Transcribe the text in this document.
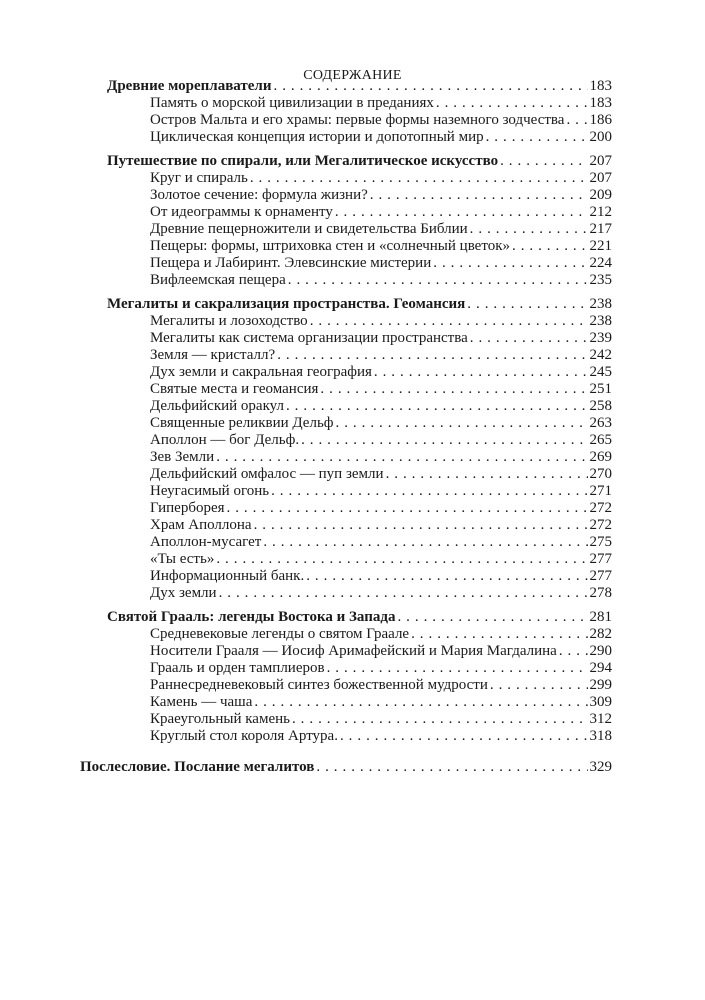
СОДЕРЖАНИЕ
Древние мореплаватели . . .	183
Память о морской цивилизации в преданиях . . .	183
Остров Мальта и его храмы: первые формы наземного зодчества . . . 186
Циклическая концепция истории и допотопный мир . . .	200
Путешествие по спирали, или Мегалитическое искусство . . .	207
Круг и спираль . . .	207
Золотое сечение: формула жизни? . . .	209
От идеограммы к орнаменту . . .	212
Древние пещерножители и свидетельства Библии . . .	217
Пещеры: формы, штриховка стен и «солнечный цветок» . . .	221
Пещера и Лабиринт. Элевсинские мистерии . . .	224
Вифлеемская пещера . . .	235
Мегалиты и сакрализация пространства. Геомансия . . .	238
Мегалиты и лозоходство . . .	238
Мегалиты как система организации пространства . . .	239
Земля — кристалл? . . .	242
Дух земли и сакральная география . . .	245
Святые места и геомансия . . .	251
Дельфийский оракул . . .	258
Священные реликвии Дельф . . .	263
Аполлон — бог Дельф. . . .	265
Зев Земли . . .	269
Дельфийский омфалос — пуп земли . . .	270
Неугасимый огонь . . .	271
Гиперборея . . .	272
Храм Аполлона . . .	272
Аполлон-мусагет . . .	275
«Ты есть» . . .	277
Информационный банк. . . .	277
Дух земли . . .	278
Святой Грааль: легенды Востока и Запада . . .	281
Средневековые легенды о святом Граале . . .	282
Носители Грааля — Иосиф Аримафейский и Мария Магдалина . . . 290
Грааль и орден тамплиеров . . .	294
Раннесредневековый синтез божественной мудрости . . .	299
Камень — чаша . . .	309
Краеугольный камень . . .	312
Круглый стол короля Артура. . . .	318
Послесловие. Послание мегалитов . . .	329
